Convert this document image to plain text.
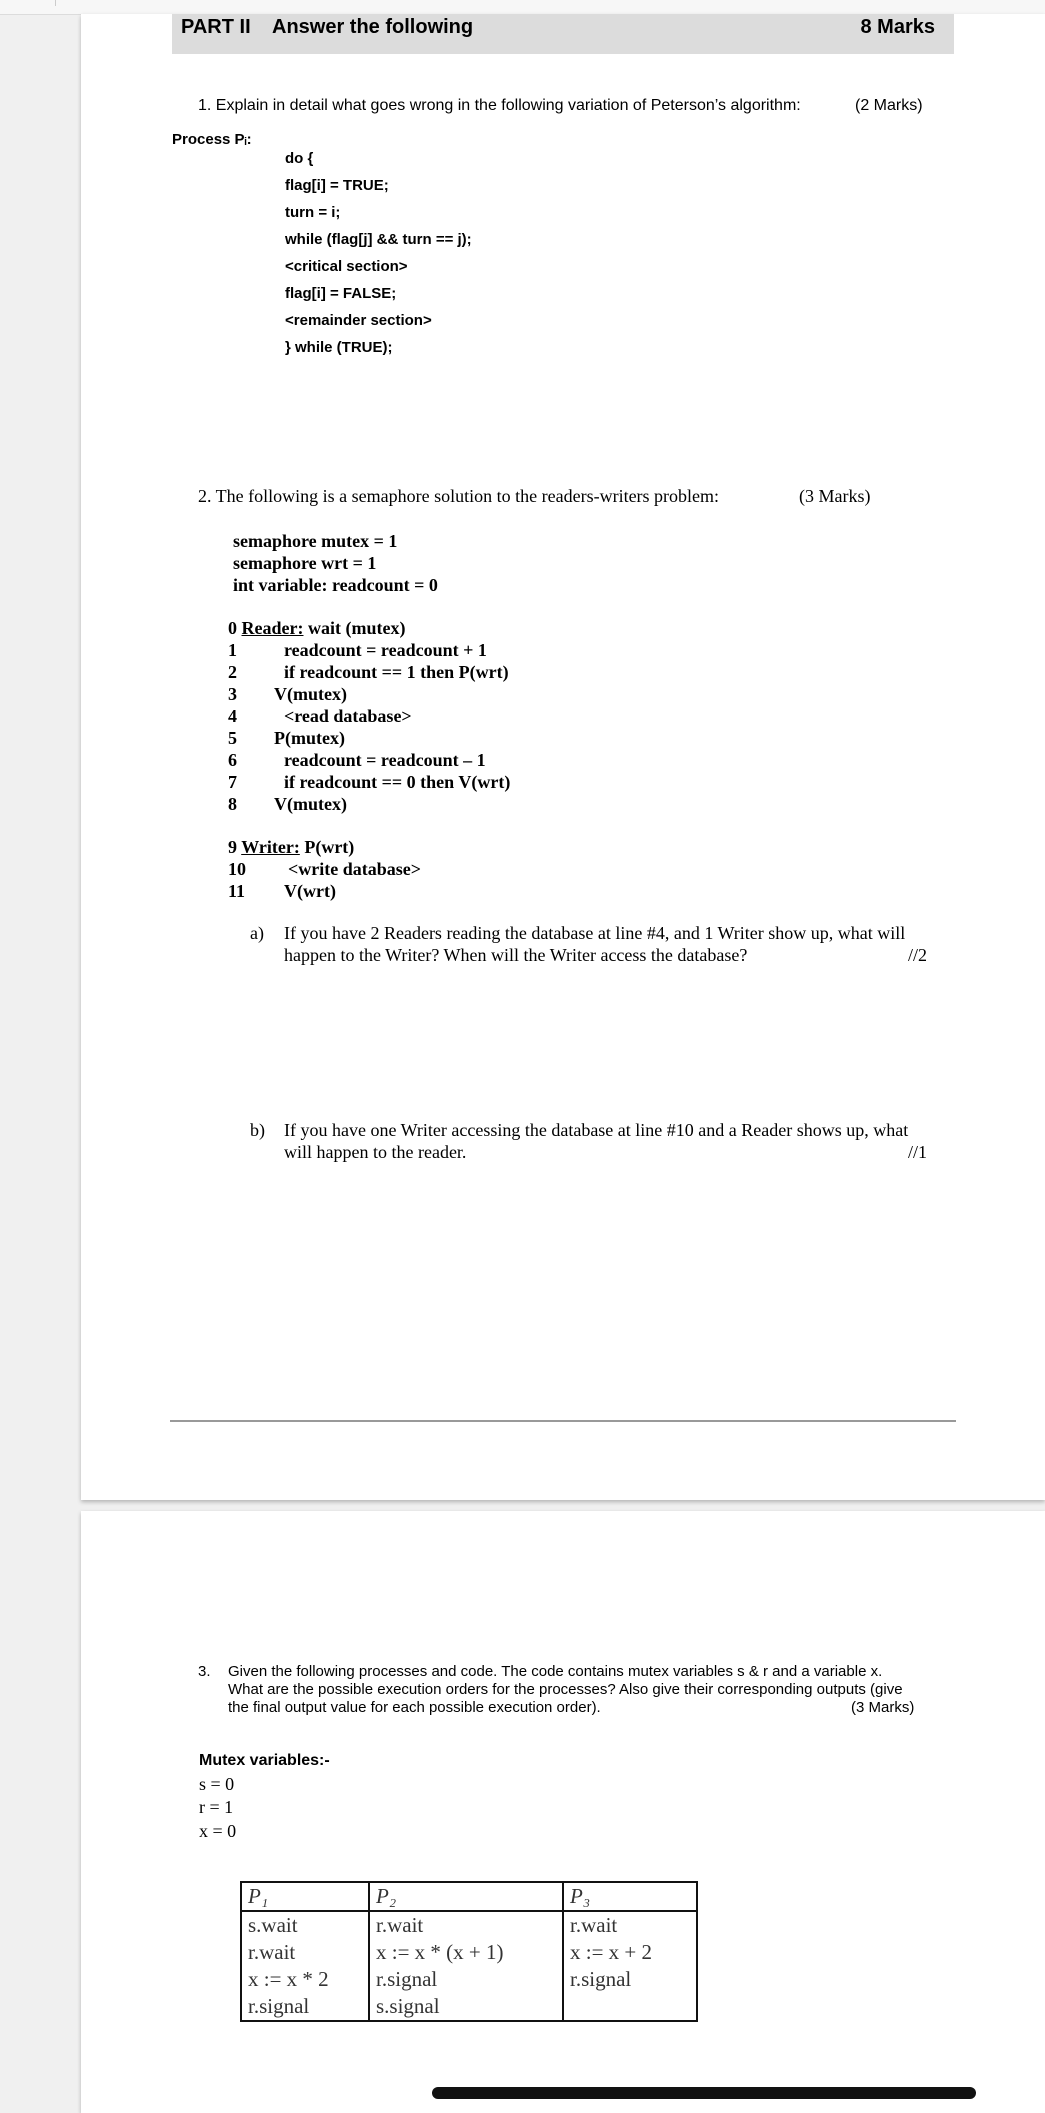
PART II Answer the following	8 Marks
1. Explain in detail what goes wrong in the following variation of Peterson’s algorithm:	(2 Marks)
Process Pᵢ:
do {
flag[i] = TRUE;
turn = i;
while (flag[j] && turn == j);
<critical section>
flag[i] = FALSE;
<remainder section>
} while (TRUE);
2. The following is a semaphore solution to the readers-writers problem:	(3 Marks)
semaphore mutex = 1
semaphore wrt = 1
int variable: readcount = 0
0 Reader: wait (mutex)
1	readcount = readcount + 1
2	if readcount == 1 then P(wrt)
3 V(mutex)
4	<read database>
5 P(mutex)
6	readcount = readcount – 1
7	if readcount == 0 then V(wrt)
8 V(mutex)
9 Writer: P(wrt)
10 <write database>
11 V(wrt)
a) If you have 2 Readers reading the database at line #4, and 1 Writer show up, what will
happen to the Writer? When will the Writer access the database?	//2
b) If you have one Writer accessing the database at line #10 and a Reader shows up, what
will happen to the reader.	//1
3. Given the following processes and code. The code contains mutex variables s & r and a variable x.
What are the possible execution orders for the processes? Also give their corresponding outputs (give
the final output value for each possible execution order).	(3 Marks)
Mutex variables:-
s = 0
r = 1
x = 0
P₁	P₂	P₃
s.wait	r.wait	r.wait
r.wait	x := x * (x + 1)	x := x + 2
x := x * 2	r.signal	r.signal
r.signal	s.signal	
